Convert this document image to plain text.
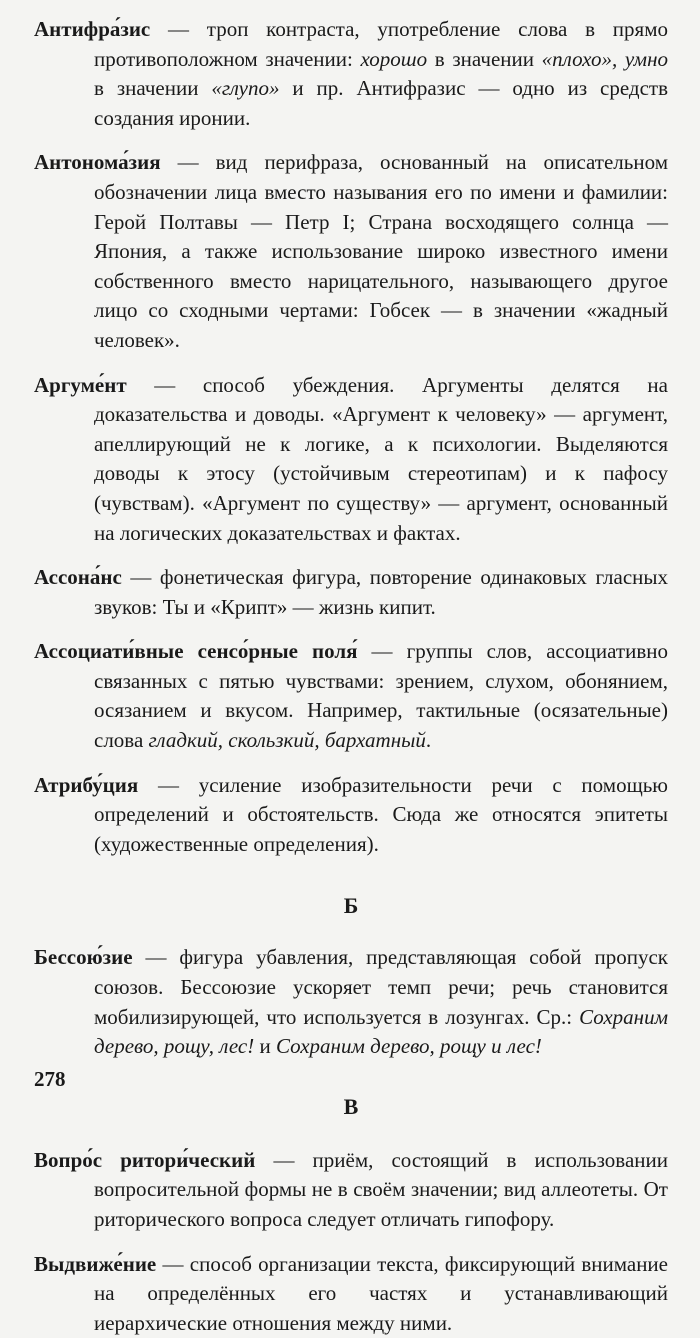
Антифра́зис — троп контраста, употребление слова в прямо противоположном значении: хорошо в значении «плохо», умно в значении «глупо» и пр. Антифразис — одно из средств создания иронии.

Антонома́зия — вид перифраза, основанный на описательном обозначении лица вместо называния его по имени и фамилии: Герой Полтавы — Петр I; Страна восходящего солнца — Япония, а также использование широко известного имени собственного вместо нарицательного, называющего другое лицо со сходными чертами: Гобсек — в значении «жадный человек».

Аргуме́нт — способ убеждения. Аргументы делятся на доказательства и доводы. «Аргумент к человеку» — аргумент, апеллирующий не к логике, а к психологии. Выделяются доводы к этосу (устойчивым стереотипам) и к пафосу (чувствам). «Аргумент по существу» — аргумент, основанный на логических доказательствах и фактах.

Ассона́нс — фонетическая фигура, повторение одинаковых гласных звуков: Ты и «Крипт» — жизнь кипит.

Ассоциати́вные сенсо́рные поля́ — группы слов, ассоциативно связанных с пятью чувствами: зрением, слухом, обонянием, осязанием и вкусом. Например, тактильные (осязательные) слова гладкий, скользкий, бархатный.

Атрибу́ция — усиление изобразительности речи с помощью определений и обстоятельств. Сюда же относятся эпитеты (художественные определения).

Б

Бессою́зие — фигура убавления, представляющая собой пропуск союзов. Бессоюзие ускоряет темп речи; речь становится мобилизирующей, что используется в лозунгах. Ср.: Сохраним дерево, рощу, лес! и Сохраним дерево, рощу и лес!

В

Вопро́с ритори́ческий — приём, состоящий в использовании вопросительной формы не в своём значении; вид аллеотеты. От риторического вопроса следует отличать гипофору.

Выдвиже́ние — способ организации текста, фиксирующий внимание на определённых его частях и устанавливающий иерархические отношения между ними.

278
